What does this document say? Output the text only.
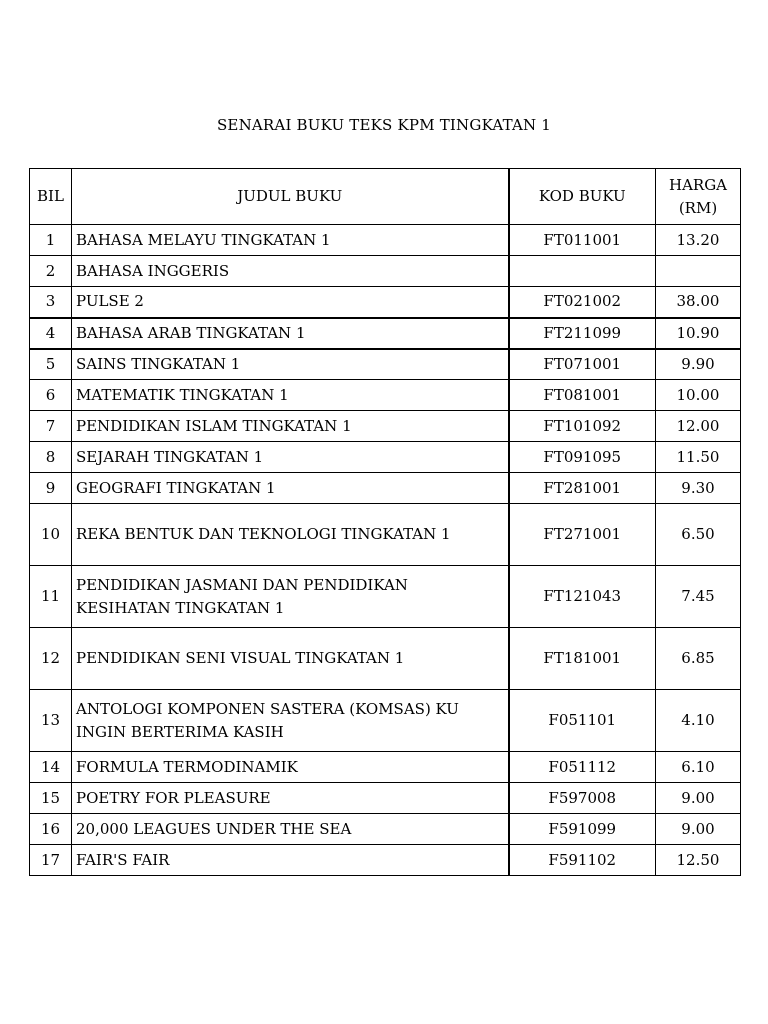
SENARAI BUKU TEKS KPM TINGKATAN 1
BIL	JUDUL BUKU	KOD BUKU	HARGA
(RM)
1	BAHASA MELAYU TINGKATAN 1	FT011001	13.20
2	BAHASA INGGERIS		
3	PULSE 2	FT021002	38.00
4	BAHASA ARAB TINGKATAN 1	FT211099	10.90
5	SAINS TINGKATAN 1	FT071001	9.90
6	MATEMATIK TINGKATAN 1	FT081001	10.00
7	PENDIDIKAN ISLAM TINGKATAN 1	FT101092	12.00
8	SEJARAH TINGKATAN 1	FT091095	11.50
9	GEOGRAFI TINGKATAN 1	FT281001	9.30
10	REKA BENTUK DAN TEKNOLOGI TINGKATAN 1	FT271001	6.50
11	PENDIDIKAN JASMANI DAN PENDIDIKAN
KESIHATAN TINGKATAN 1	FT121043	7.45
12	PENDIDIKAN SENI VISUAL TINGKATAN 1	FT181001	6.85
13	ANTOLOGI KOMPONEN SASTERA (KOMSAS) KU
INGIN BERTERIMA KASIH	F051101	4.10
14	FORMULA TERMODINAMIK	F051112	6.10
15	POETRY FOR PLEASURE	F597008	9.00
16	20,000 LEAGUES UNDER THE SEA	F591099	9.00
17	FAIR'S FAIR	F591102	12.50
